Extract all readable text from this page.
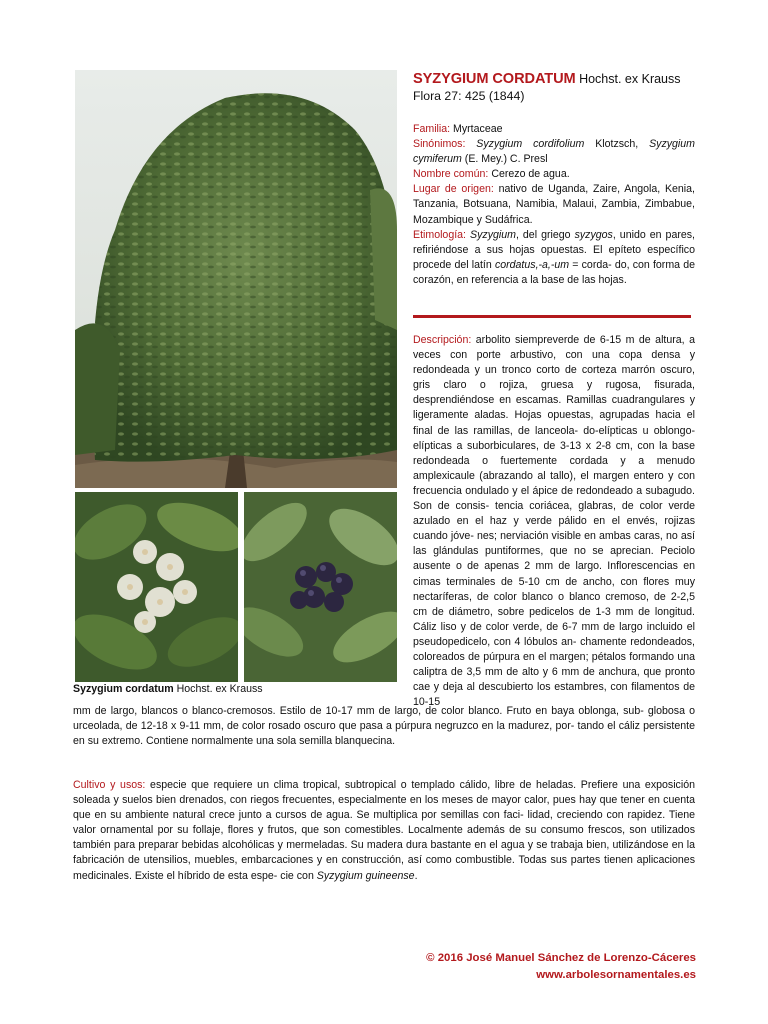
SYZYGIUM CORDATUM Hochst. ex Krauss
Flora 27: 425 (1844)
Syzygium cordatum Hochst. ex Krauss

Familia: Myrtaceae

Sinónimos: Syzygium cordifolium Klotzsch, Syzygium cymiferum (E. Mey.) C. Presl

Nombre común: Cerezo de agua.

Lugar de origen: nativo de Uganda, Zaire, Angola, Kenia, Tanzania, Botsuana, Namibia, Malaui, Zambia, Zimbabue, Mozambique y Sudáfrica.

Etimología: Syzygium, del griego syzygos, unido en pares, refiriéndose a sus hojas opuestas. El epíteto específico procede del latín cordatus,-a,-um = corda- do, con forma de corazón, en referencia a la base de las hojas.

Descripción: arbolito siempreverde de 6-15 m de altura, a veces con porte arbustivo, con una copa densa y redondeada y un tronco corto de corteza marrón oscuro, gris claro o rojiza, gruesa y rugosa, fisurada, desprendiéndose en escamas. Ramillas cuadrangulares y ligeramente aladas. Hojas opuestas, agrupadas hacia el final de las ramillas, de lanceola- do-elípticas u oblongo-elípticas a suborbiculares, de 3-13 x 2-8 cm, con la base redondeada o fuertemente cordada y a menudo amplexicaule (abrazando al tallo), el margen entero y con frecuencia ondulado y el ápice de redondeado a subagudo. Son de consis- tencia coriácea, glabras, de color verde azulado en el haz y verde pálido en el envés, rojizas cuando jóve- nes; nerviación visible en ambas caras, no así las glándulas puntiformes, que no se aprecian. Peciolo ausente o de apenas 2 mm de largo. Inflorescencias en cimas terminales de 5-10 cm de ancho, con flores muy nectaríferas, de color blanco o blanco cremoso, de 2-2,5 cm de diámetro, sobre pedicelos de 1-3 mm de longitud. Cáliz liso y de color verde, de 6-7 mm de largo incluido el pseudopedicelo, con 4 lóbulos an- chamente redondeados, coloreados de púrpura en el margen; pétalos formando una caliptra de 3,5 mm de alto y 6 mm de anchura, que pronto cae y deja al descubierto los estambres, con filamentos de 10-15

mm de largo, blancos o blanco-cremosos. Estilo de 10-17 mm de largo, de color blanco. Fruto en baya oblonga, sub- globosa o urceolada, de 12-18 x 9-11 mm, de color rosado oscuro que pasa a púrpura negruzco en la madurez, por- tando el cáliz persistente en su extremo. Contiene normalmente una sola semilla blanquecina.

Cultivo y usos: especie que requiere un clima tropical, subtropical o templado cálido, libre de heladas. Prefiere una exposición soleada y suelos bien drenados, con riegos frecuentes, especialmente en los meses de mayor calor, pues hay que tener en cuenta que en su ambiente natural crece junto a cursos de agua. Se multiplica por semillas con faci- lidad, creciendo con rapidez. Tiene valor ornamental por su follaje, flores y frutos, que son comestibles. Localmente además de su consumo frescos, son utilizados también para preparar bebidas alcohólicas y mermeladas. Su madera dura bastante en el agua y se trabaja bien, utilizándose en la fabricación de utensilios, muebles, embarcaciones y en construcción, así como combustible. Todas sus partes tienen aplicaciones medicinales. Existe el híbrido de esta espe- cie con Syzygium guineense.

© 2016 José Manuel Sánchez de Lorenzo-Cáceres
www.arbolesornamentales.es
